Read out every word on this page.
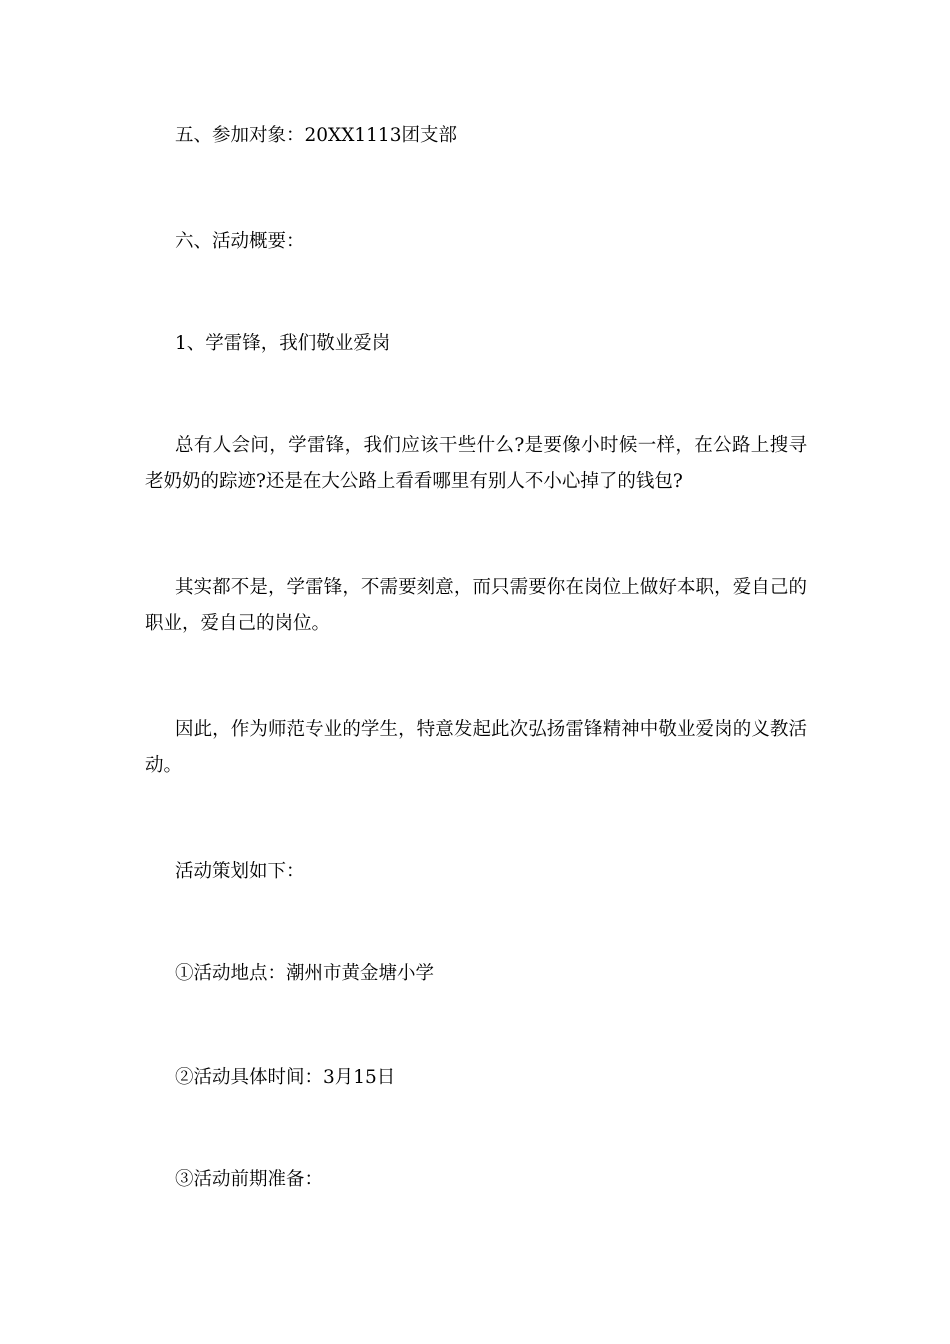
五、参加对象：20XX1113团支部

六、活动概要：

1、学雷锋，我们敬业爱岗

总有人会问，学雷锋，我们应该干些什么?是要像小时候一样，在公路上搜寻老奶奶的踪迹?还是在大公路上看看哪里有别人不小心掉了的钱包?

其实都不是，学雷锋，不需要刻意，而只需要你在岗位上做好本职，爱自己的职业，爱自己的岗位。

因此，作为师范专业的学生，特意发起此次弘扬雷锋精神中敬业爱岗的义教活动。

活动策划如下：

①活动地点：潮州市黄金塘小学

②活动具体时间：3月15日

③活动前期准备：
